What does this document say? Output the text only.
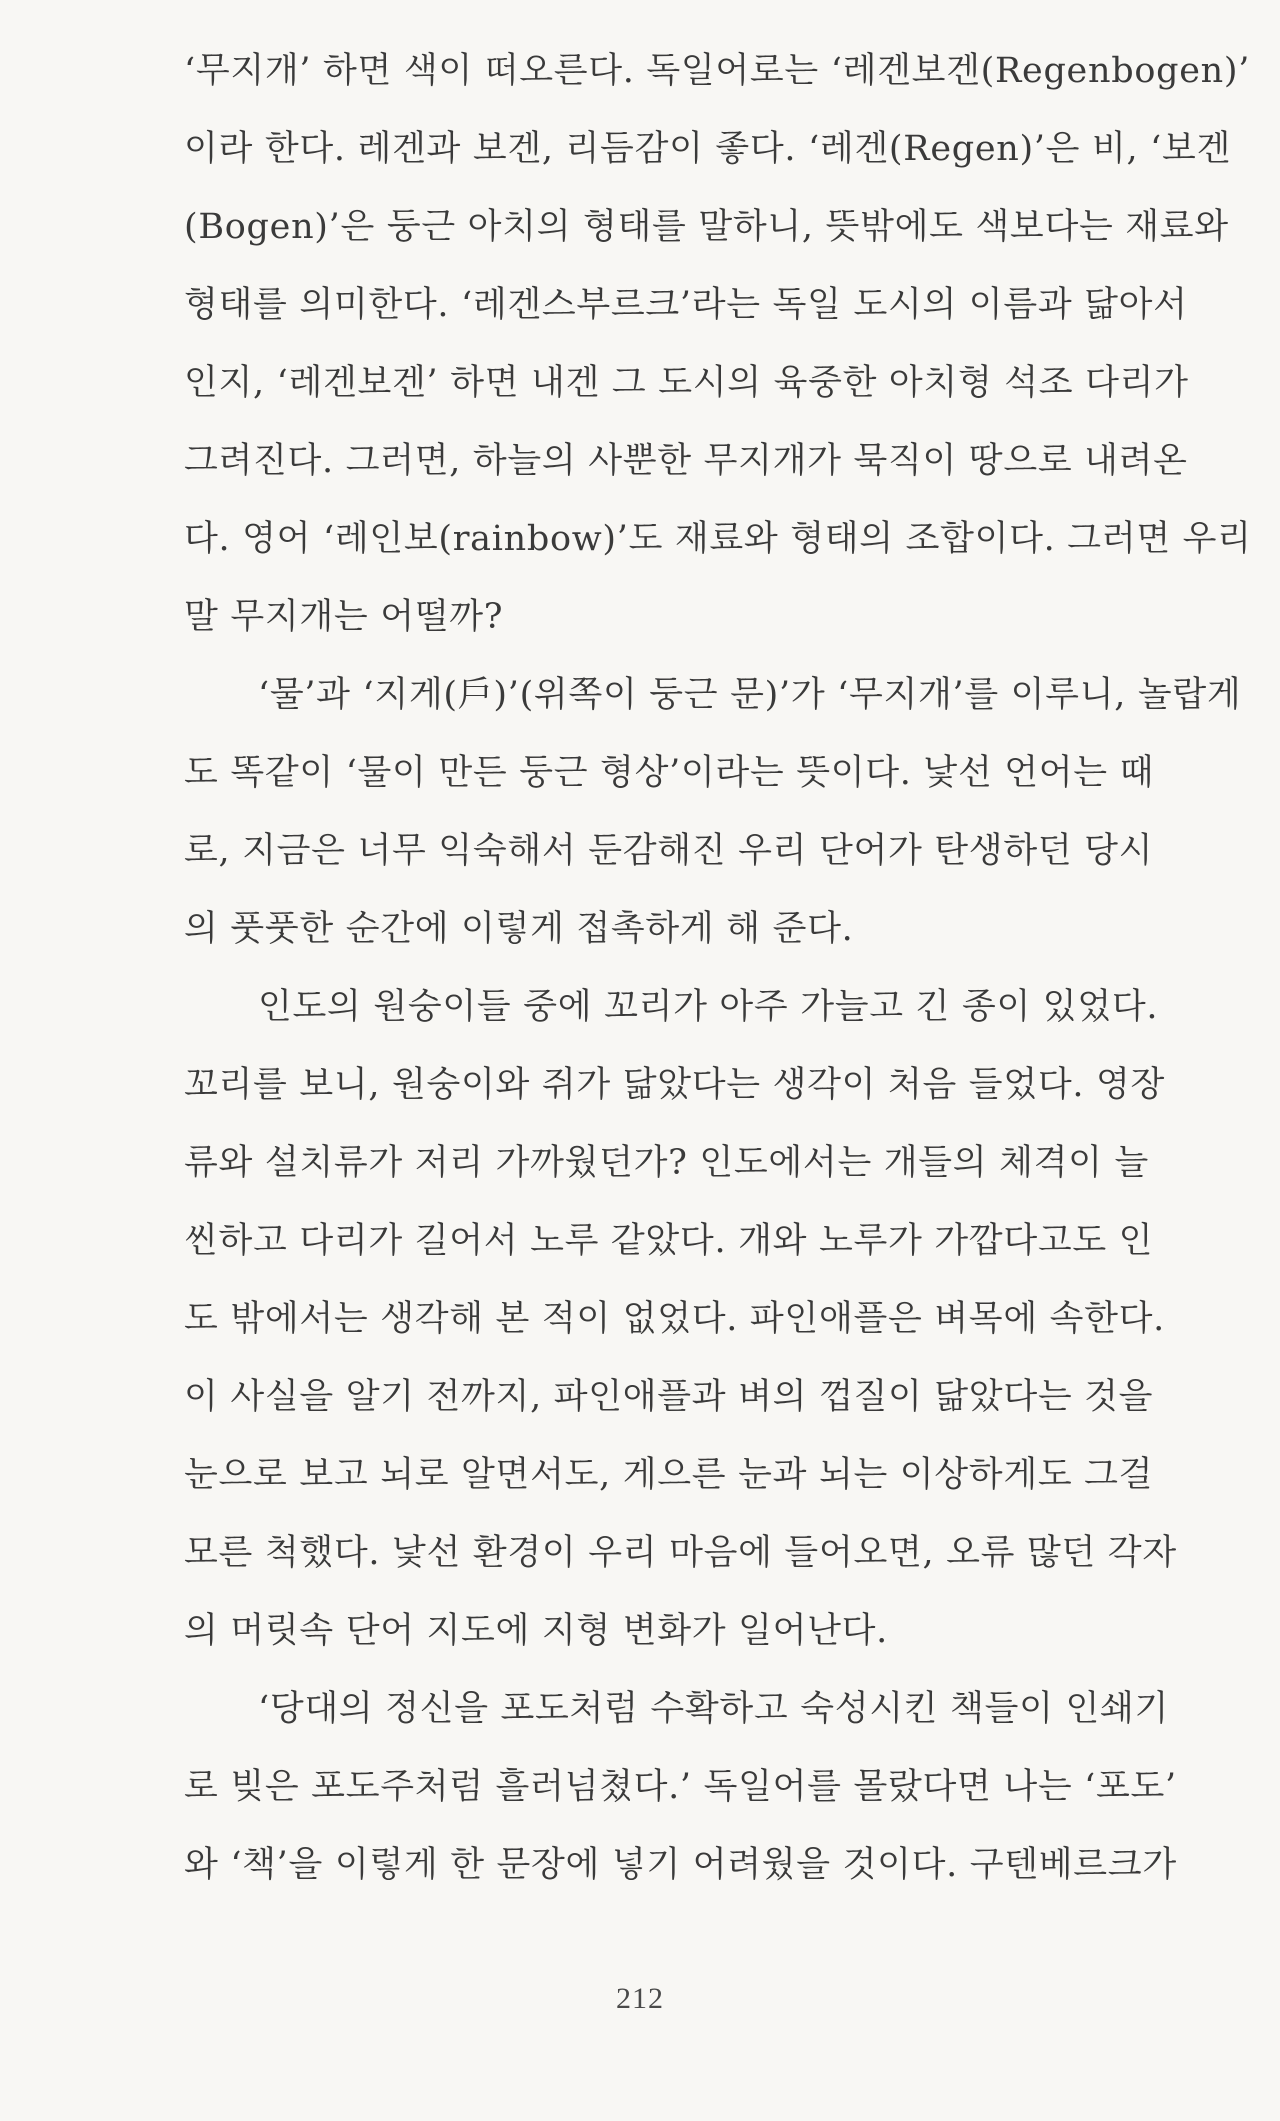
‘무지개’ 하면 색이 떠오른다. 독일어로는 ‘레겐보겐(Regenbogen)’
이라 한다. 레겐과 보겐, 리듬감이 좋다. ‘레겐(Regen)’은 비, ‘보겐
(Bogen)’은 둥근 아치의 형태를 말하니, 뜻밖에도 색보다는 재료와
형태를 의미한다. ‘레겐스부르크’라는 독일 도시의 이름과 닮아서
인지, ‘레겐보겐’ 하면 내겐 그 도시의 육중한 아치형 석조 다리가
그려진다. 그러면, 하늘의 사뿐한 무지개가 묵직이 땅으로 내려온
다. 영어 ‘레인보(rainbow)’도 재료와 형태의 조합이다. 그러면 우리
말 무지개는 어떨까?
‘물’과 ‘지게(戶)’(위쪽이 둥근 문)’가 ‘무지개’를 이루니, 놀랍게
도 똑같이 ‘물이 만든 둥근 형상’이라는 뜻이다. 낯선 언어는 때
로, 지금은 너무 익숙해서 둔감해진 우리 단어가 탄생하던 당시
의 풋풋한 순간에 이렇게 접촉하게 해 준다.
인도의 원숭이들 중에 꼬리가 아주 가늘고 긴 종이 있었다.
꼬리를 보니, 원숭이와 쥐가 닮았다는 생각이 처음 들었다. 영장
류와 설치류가 저리 가까웠던가? 인도에서는 개들의 체격이 늘
씬하고 다리가 길어서 노루 같았다. 개와 노루가 가깝다고도 인
도 밖에서는 생각해 본 적이 없었다. 파인애플은 벼목에 속한다.
이 사실을 알기 전까지, 파인애플과 벼의 껍질이 닮았다는 것을
눈으로 보고 뇌로 알면서도, 게으른 눈과 뇌는 이상하게도 그걸
모른 척했다. 낯선 환경이 우리 마음에 들어오면, 오류 많던 각자
의 머릿속 단어 지도에 지형 변화가 일어난다.
‘당대의 정신을 포도처럼 수확하고 숙성시킨 책들이 인쇄기
로 빚은 포도주처럼 흘러넘쳤다.’ 독일어를 몰랐다면 나는 ‘포도’
와 ‘책’을 이렇게 한 문장에 넣기 어려웠을 것이다. 구텐베르크가
212
